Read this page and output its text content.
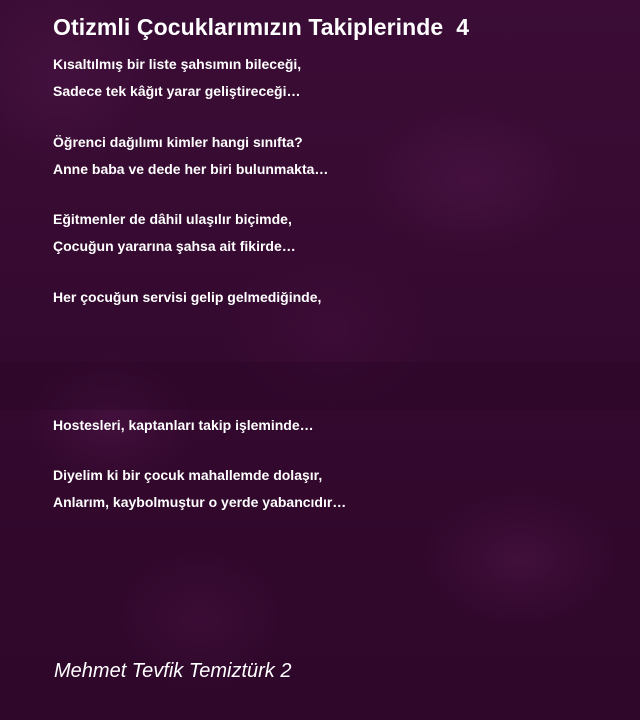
Otizmli Çocuklarımızın Takiplerinde  4

Kısaltılmış bir liste şahsımın bileceği,

Sadece tek kâğıt yarar geliştireceği…

Öğrenci dağılımı kimler hangi sınıfta?

Anne baba ve dede her biri bulunmakta…

Eğitmenler de dâhil ulaşılır biçimde,

Çocuğun yararına şahsa ait fikirde…

Her çocuğun servisi gelip gelmediğinde,

Hostesleri, kaptanları takip işleminde…

Diyelim ki bir çocuk mahallemde dolaşır,

Anlarım, kaybolmuştur o yerde yabancıdır…

Mehmet Tevfik Temiztürk 2
